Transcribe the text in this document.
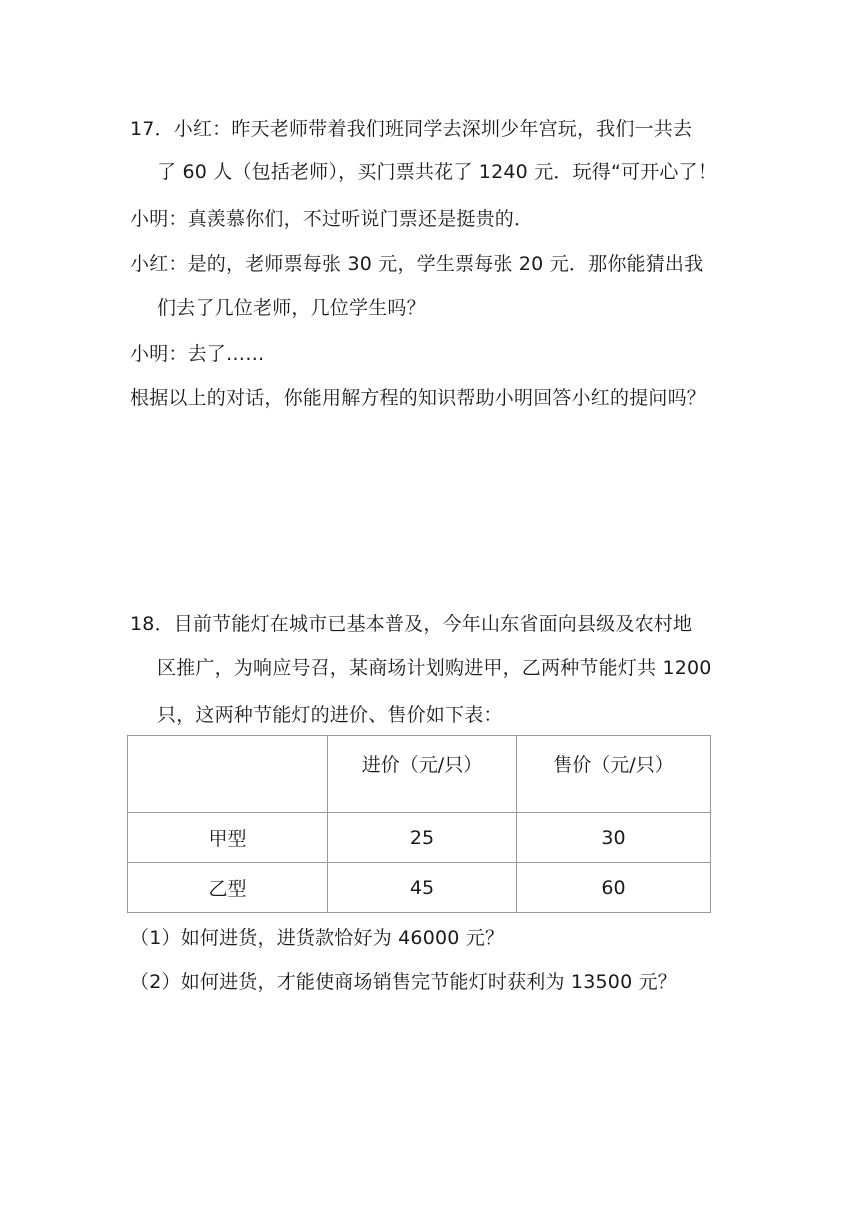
17．小红：昨天老师带着我们班同学去深圳少年宫玩，我们一共去
了 60 人（包括老师），买门票共花了 1240 元．玩得“可开心了！
小明：真羡慕你们，不过听说门票还是挺贵的．
小红：是的，老师票每张 30 元，学生票每张 20 元．那你能猜出我
们去了几位老师，几位学生吗？
小明：去了……
根据以上的对话，你能用解方程的知识帮助小明回答小红的提问吗？
18．目前节能灯在城市已基本普及，今年山东省面向县级及农村地
区推广，为响应号召，某商场计划购进甲，乙两种节能灯共 1200
只，这两种节能灯的进价、售价如下表：
	进价（元/只）	售价（元/只）
甲型	25	30
乙型	45	60
（1）如何进货，进货款恰好为 46000 元？
（2）如何进货，才能使商场销售完节能灯时获利为 13500 元？
